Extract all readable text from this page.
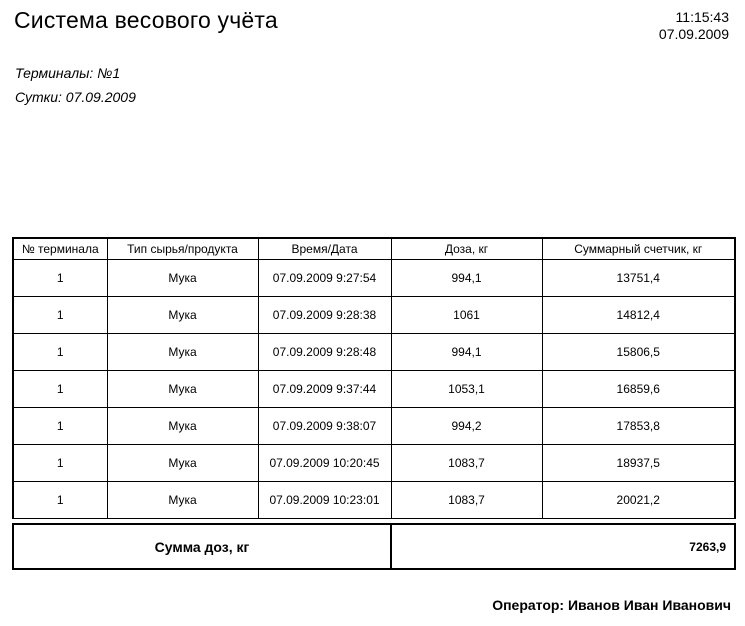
Система весового учёта	11:15:43
07.09.2009
Терминалы: №1
Сутки: 07.09.2009
№ терминала	Тип сырья/продукта	Время/Дата	Доза, кг	Суммарный счетчик, кг
1	Мука	07.09.2009 9:27:54	994,1	13751,4
1	Мука	07.09.2009 9:28:38	1061	14812,4
1	Мука	07.09.2009 9:28:48	994,1	15806,5
1	Мука	07.09.2009 9:37:44	1053,1	16859,6
1	Мука	07.09.2009 9:38:07	994,2	17853,8
1	Мука	07.09.2009 10:20:45	1083,7	18937,5
1	Мука	07.09.2009 10:23:01	1083,7	20021,2
Сумма доз, кг	7263,9
Оператор: Иванов Иван Иванович
